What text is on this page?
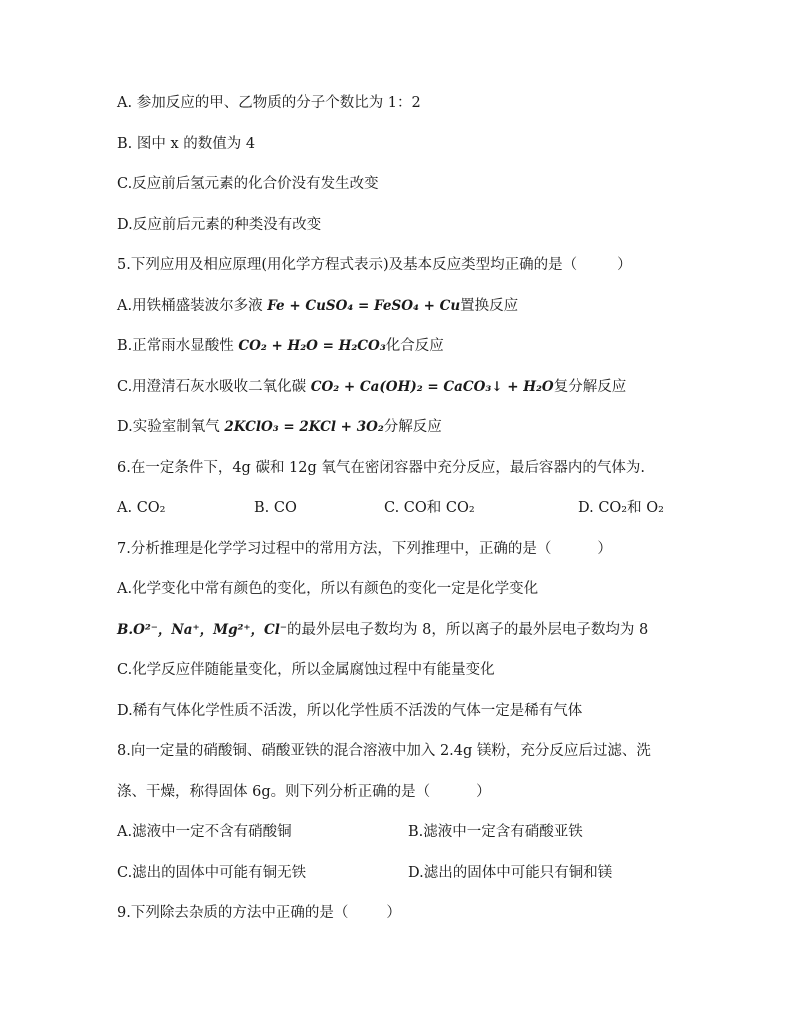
A. 参加反应的甲、乙物质的分子个数比为 1：2
B. 图中 x 的数值为 4
C.反应前后氢元素的化合价没有发生改变
D.反应前后元素的种类没有改变
5.下列应用及相应原理(用化学方程式表示)及基本反应类型均正确的是（	）
A.用铁桶盛装波尔多液 Fe + CuSO₄ = FeSO₄ + Cu置换反应
B.正常雨水显酸性 CO₂ + H₂O = H₂CO₃化合反应
C.用澄清石灰水吸收二氧化碳 CO₂ + Ca(OH)₂ = CaCO₃↓ + H₂O复分解反应
D.实验室制氧气 2KClO₃ = 2KCl + 3O₂分解反应
6.在一定条件下，4g 碳和 12g 氧气在密闭容器中充分反应，最后容器内的气体为.
A. CO₂	B. CO	C. CO和 CO₂	D. CO₂和 O₂
7.分析推理是化学学习过程中的常用方法，下列推理中，正确的是（	）
A.化学变化中常有颜色的变化，所以有颜色的变化一定是化学变化
B.O²⁻，Na⁺，Mg²⁺，Cl⁻的最外层电子数均为 8，所以离子的最外层电子数均为 8
C.化学反应伴随能量变化，所以金属腐蚀过程中有能量变化
D.稀有气体化学性质不活泼，所以化学性质不活泼的气体一定是稀有气体
8.向一定量的硝酸铜、硝酸亚铁的混合溶液中加入 2.4g 镁粉，充分反应后过滤、洗
涤、干燥，称得固体 6g。则下列分析正确的是（	）
A.滤液中一定不含有硝酸铜	B.滤液中一定含有硝酸亚铁
C.滤出的固体中可能有铜无铁	D.滤出的固体中可能只有铜和镁
9.下列除去杂质的方法中正确的是（	）
